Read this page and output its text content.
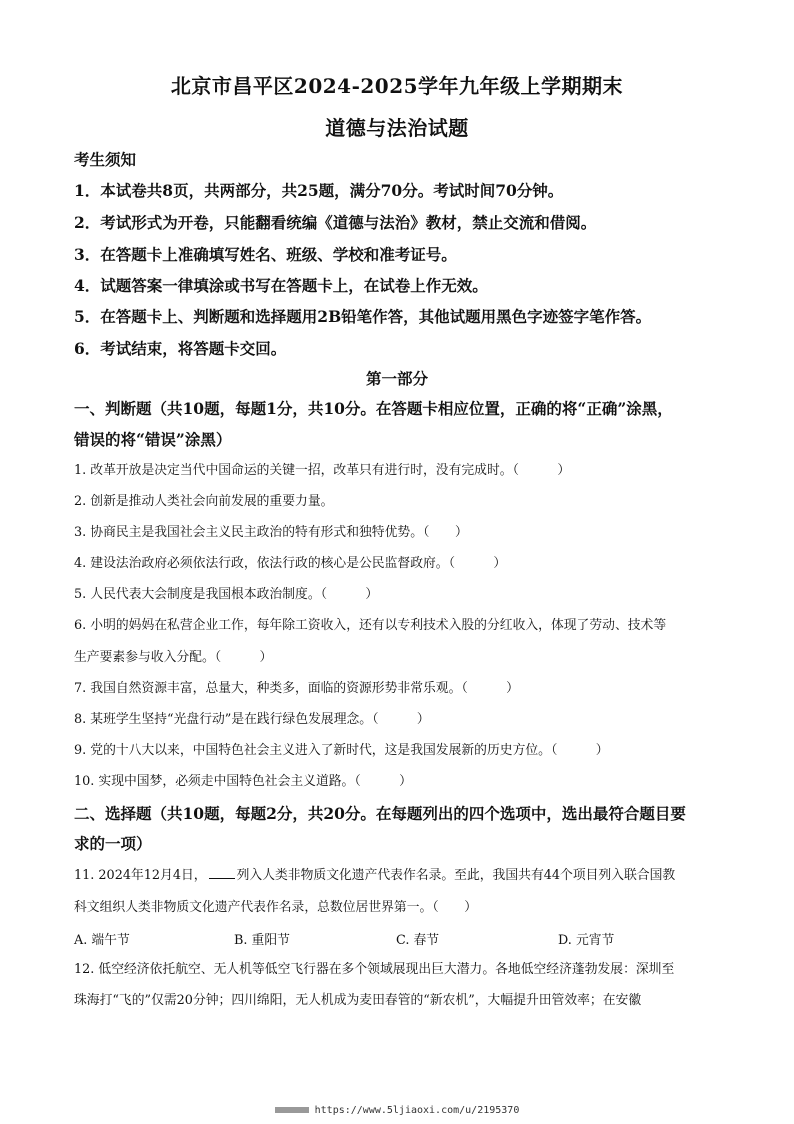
北京市昌平区2024-2025学年九年级上学期期末
道德与法治试题
考生须知
1．本试卷共8页，共两部分，共25题，满分70分。考试时间70分钟。
2．考试形式为开卷，只能翻看统编《道德与法治》教材，禁止交流和借阅。
3．在答题卡上准确填写姓名、班级、学校和准考证号。
4．试题答案一律填涂或书写在答题卡上，在试卷上作无效。
5．在答题卡上、判断题和选择题用2B铅笔作答，其他试题用黑色字迹签字笔作答。
6．考试结束，将答题卡交回。
第一部分
一、判断题（共10题，每题1分，共10分。在答题卡相应位置，正确的将“正确”涂黑，
错误的将“错误”涂黑）
1. 改革开放是决定当代中国命运的关键一招，改革只有进行时，没有完成时。（　　　）
2. 创新是推动人类社会向前发展的重要力量。
3. 协商民主是我国社会主义民主政治的特有形式和独特优势。（　　）
4. 建设法治政府必须依法行政，依法行政的核心是公民监督政府。（　　　）
5. 人民代表大会制度是我国根本政治制度。（　　　）
6. 小明的妈妈在私营企业工作，每年除工资收入，还有以专利技术入股的分红收入，体现了劳动、技术等
生产要素参与收入分配。（　　　）
7. 我国自然资源丰富，总量大，种类多，面临的资源形势非常乐观。（　　　）
8. 某班学生坚持“光盘行动”是在践行绿色发展理念。（　　　）
9. 党的十八大以来，中国特色社会主义进入了新时代，这是我国发展新的历史方位。（　　　）
10. 实现中国梦，必须走中国特色社会主义道路。（　　　）
二、选择题（共10题，每题2分，共20分。在每题列出的四个选项中，选出最符合题目要
求的一项）
11. 2024年12月4日， 列入人类非物质文化遗产代表作名录。至此，我国共有44个项目列入联合国教
科文组织人类非物质文化遗产代表作名录，总数位居世界第一。（　　）
A. 端午节	B. 重阳节	C. 春节	D. 元宵节
12. 低空经济依托航空、无人机等低空飞行器在多个领域展现出巨大潜力。各地低空经济蓬勃发展：深圳至
珠海打“飞的”仅需20分钟；四川绵阳，无人机成为麦田春管的“新农机”，大幅提升田管效率；在安徽
https://www.5ljiaoxi.com/u/2195370
